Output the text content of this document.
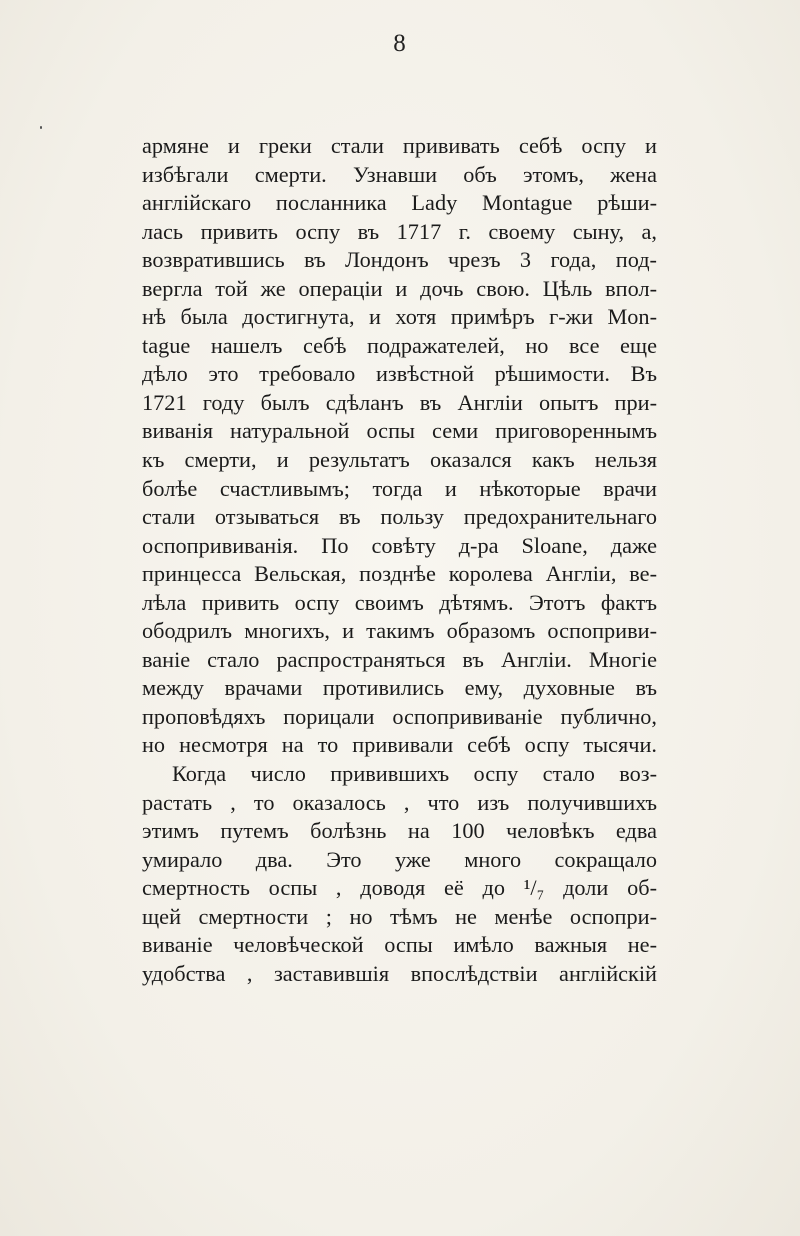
8
армяне и греки стали прививать себѣ оспу и
избѣгали смерти. Узнавши объ этомъ, жена
англійскаго посланника Lady Montague рѣши-
лась привить оспу въ 1717 г. своему сыну, а,
возвратившись въ Лондонъ чрезъ 3 года, под-
вергла той же операціи и дочь свою. Цѣль впол-
нѣ была достигнута, и хотя примѣръ г-жи Mon-
tague нашелъ себѣ подражателей, но все еще
дѣло это требовало извѣстной рѣшимости. Въ
1721 году былъ сдѣланъ въ Англіи опытъ при-
виванія натуральной оспы семи приговореннымъ
къ смерти, и результатъ оказался какъ нельзя
болѣе счастливымъ; тогда и нѣкоторые врачи
стали отзываться въ пользу предохранительнаго
оспопрививанія. По совѣту д-ра Sloane, даже
принцесса Вельская, позднѣе королева Англіи, ве-
лѣла привить оспу своимъ дѣтямъ. Этотъ фактъ
ободрилъ многихъ, и такимъ образомъ оспоприви-
ваніе стало распространяться въ Англіи. Многіе
между врачами противились ему, духовные въ
проповѣдяхъ порицали оспопрививаніе публично,
но несмотря на то прививали себѣ оспу тысячи.
Когда число привившихъ оспу стало воз-
растать , то оказалось , что изъ получившихъ
этимъ путемъ болѣзнь на 100 человѣкъ едва
умирало два. Это уже много сокращало
смертность оспы , доводя её до ¹/₇ доли об-
щей смертности ; но тѣмъ не менѣе оспопри-
виваніе человѣческой оспы имѣло важныя не-
удобства , заставившія впослѣдствіи англійскій
